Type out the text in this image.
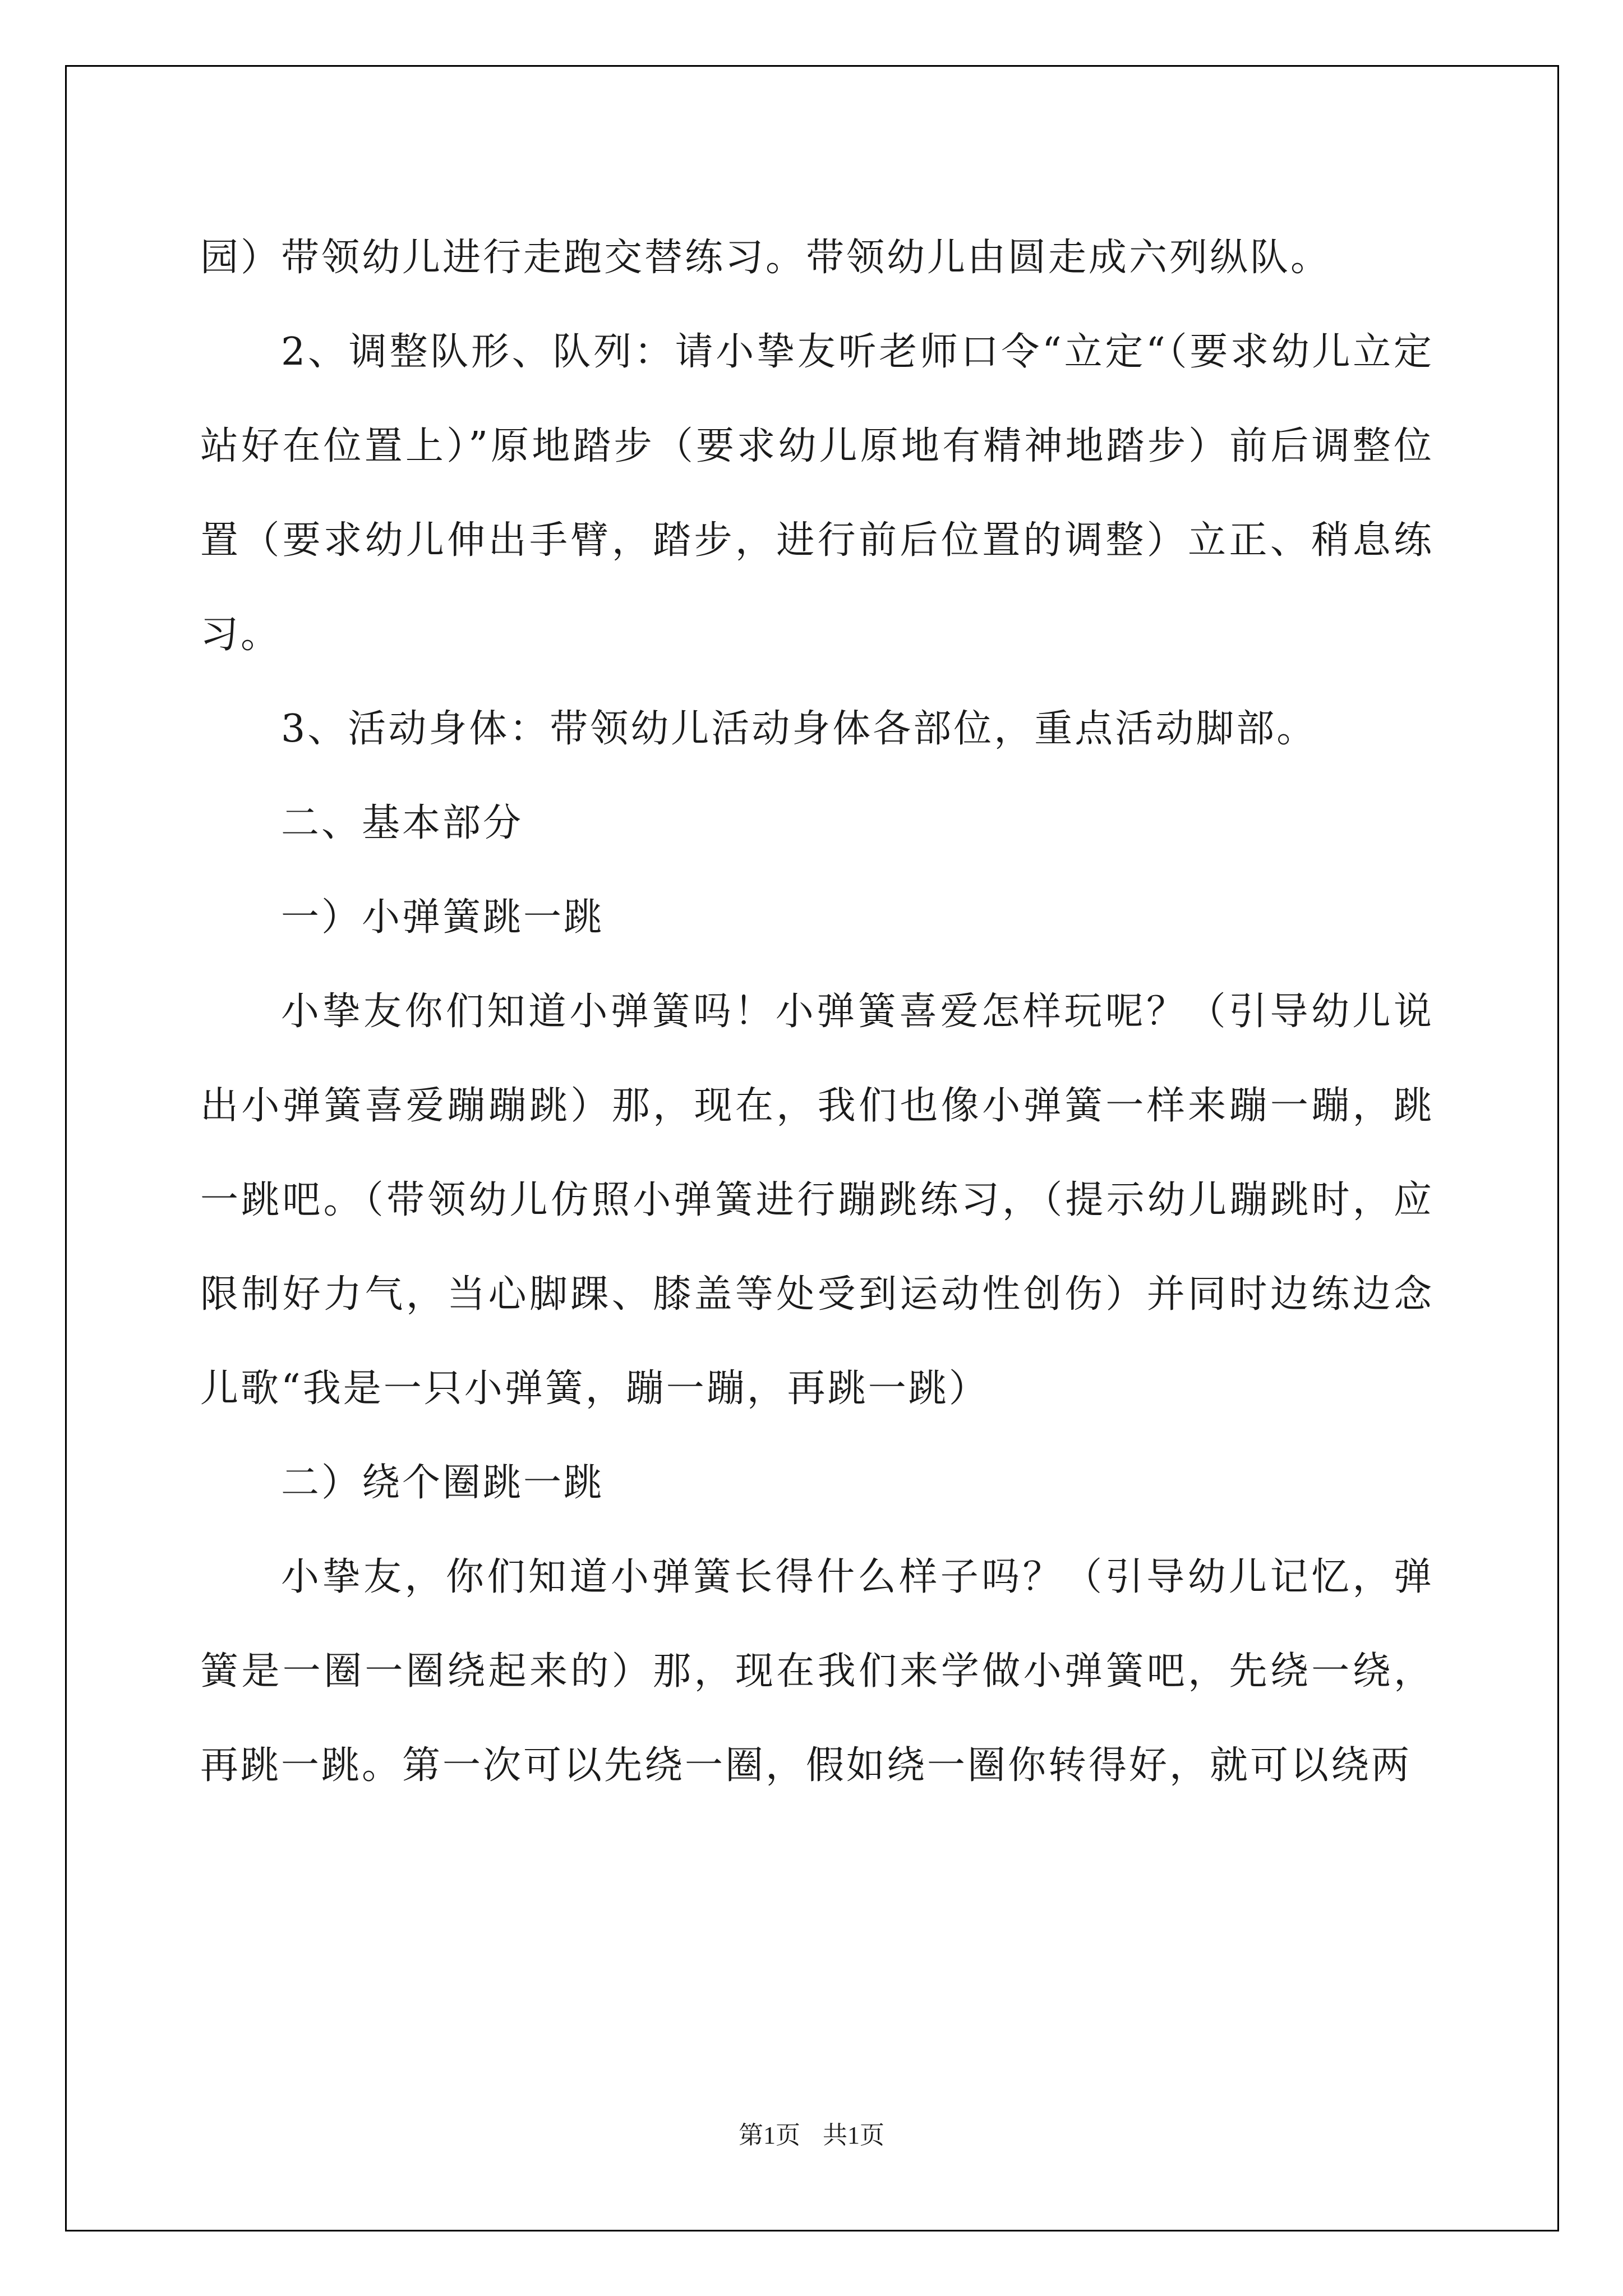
园）带领幼儿进行走跑交替练习。带领幼儿由圆走成六列纵队。

2、调整队形、队列：请小挚友听老师口令“立定“（要求幼儿立定站好在位置上）”原地踏步（要求幼儿原地有精神地踏步）前后调整位置（要求幼儿伸出手臂，踏步，进行前后位置的调整）立正、稍息练习。

3、活动身体：带领幼儿活动身体各部位，重点活动脚部。

二、基本部分

一）小弹簧跳一跳

小挚友你们知道小弹簧吗！小弹簧喜爱怎样玩呢？（引导幼儿说出小弹簧喜爱蹦蹦跳）那，现在，我们也像小弹簧一样来蹦一蹦，跳一跳吧。（带领幼儿仿照小弹簧进行蹦跳练习，（提示幼儿蹦跳时，应限制好力气，当心脚踝、膝盖等处受到运动性创伤）并同时边练边念儿歌“我是一只小弹簧，蹦一蹦，再跳一跳）

二）绕个圈跳一跳

小挚友，你们知道小弹簧长得什么样子吗？（引导幼儿记忆，弹簧是一圈一圈绕起来的）那，现在我们来学做小弹簧吧，先绕一绕，再跳一跳。第一次可以先绕一圈，假如绕一圈你转得好，就可以绕两

第1页 共1页
